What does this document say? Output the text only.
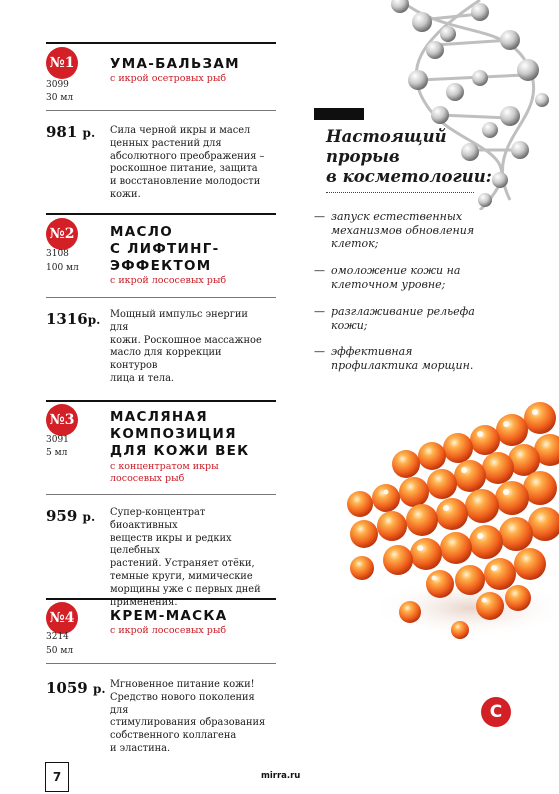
№1
3099
30 мл
УМА-БАЛЬЗАМ
с икрой осетровых рыб
981 р.	Сила черной икры и масел
ценных растений для
абсолютного преображения –
роскошное питание, защита
и восстановление молодости
кожи.
№2
3108
100 мл
МАСЛО
С ЛИФТИНГ-
ЭФФЕКТОМ
с икрой лососевых рыб
1316р. Мощный импульс энергии для
кожи. Роскошное массажное
масло для коррекции контуров
лица и тела.
№3
3091
5 мл
МАСЛЯНАЯ
КОМПОЗИЦИЯ
ДЛЯ КОЖИ ВЕК
с концентратом икры
лососевых рыб
959 р.	Супер-концентрат биоактивных
веществ икры и редких целебных
растений. Устраняет отёки,
темные круги, мимические
морщины уже с первых дней
применения.
№4
3214
50 мл
КРЕМ-МАСКА
с икрой лососевых рыб
1059 р. Мгновенное питание кожи!
Средство нового поколения для
стимулирования образования
собственного коллагена
и эластина.
Настоящий
прорыв
в косметологии:
— запуск естественных
механизмов обновления
клеток;
— омоложение кожи на
клеточном уровне;
— разглаживание рельефа
кожи;
— эффективная
профилактика морщин.
C
7	mirra.ru
